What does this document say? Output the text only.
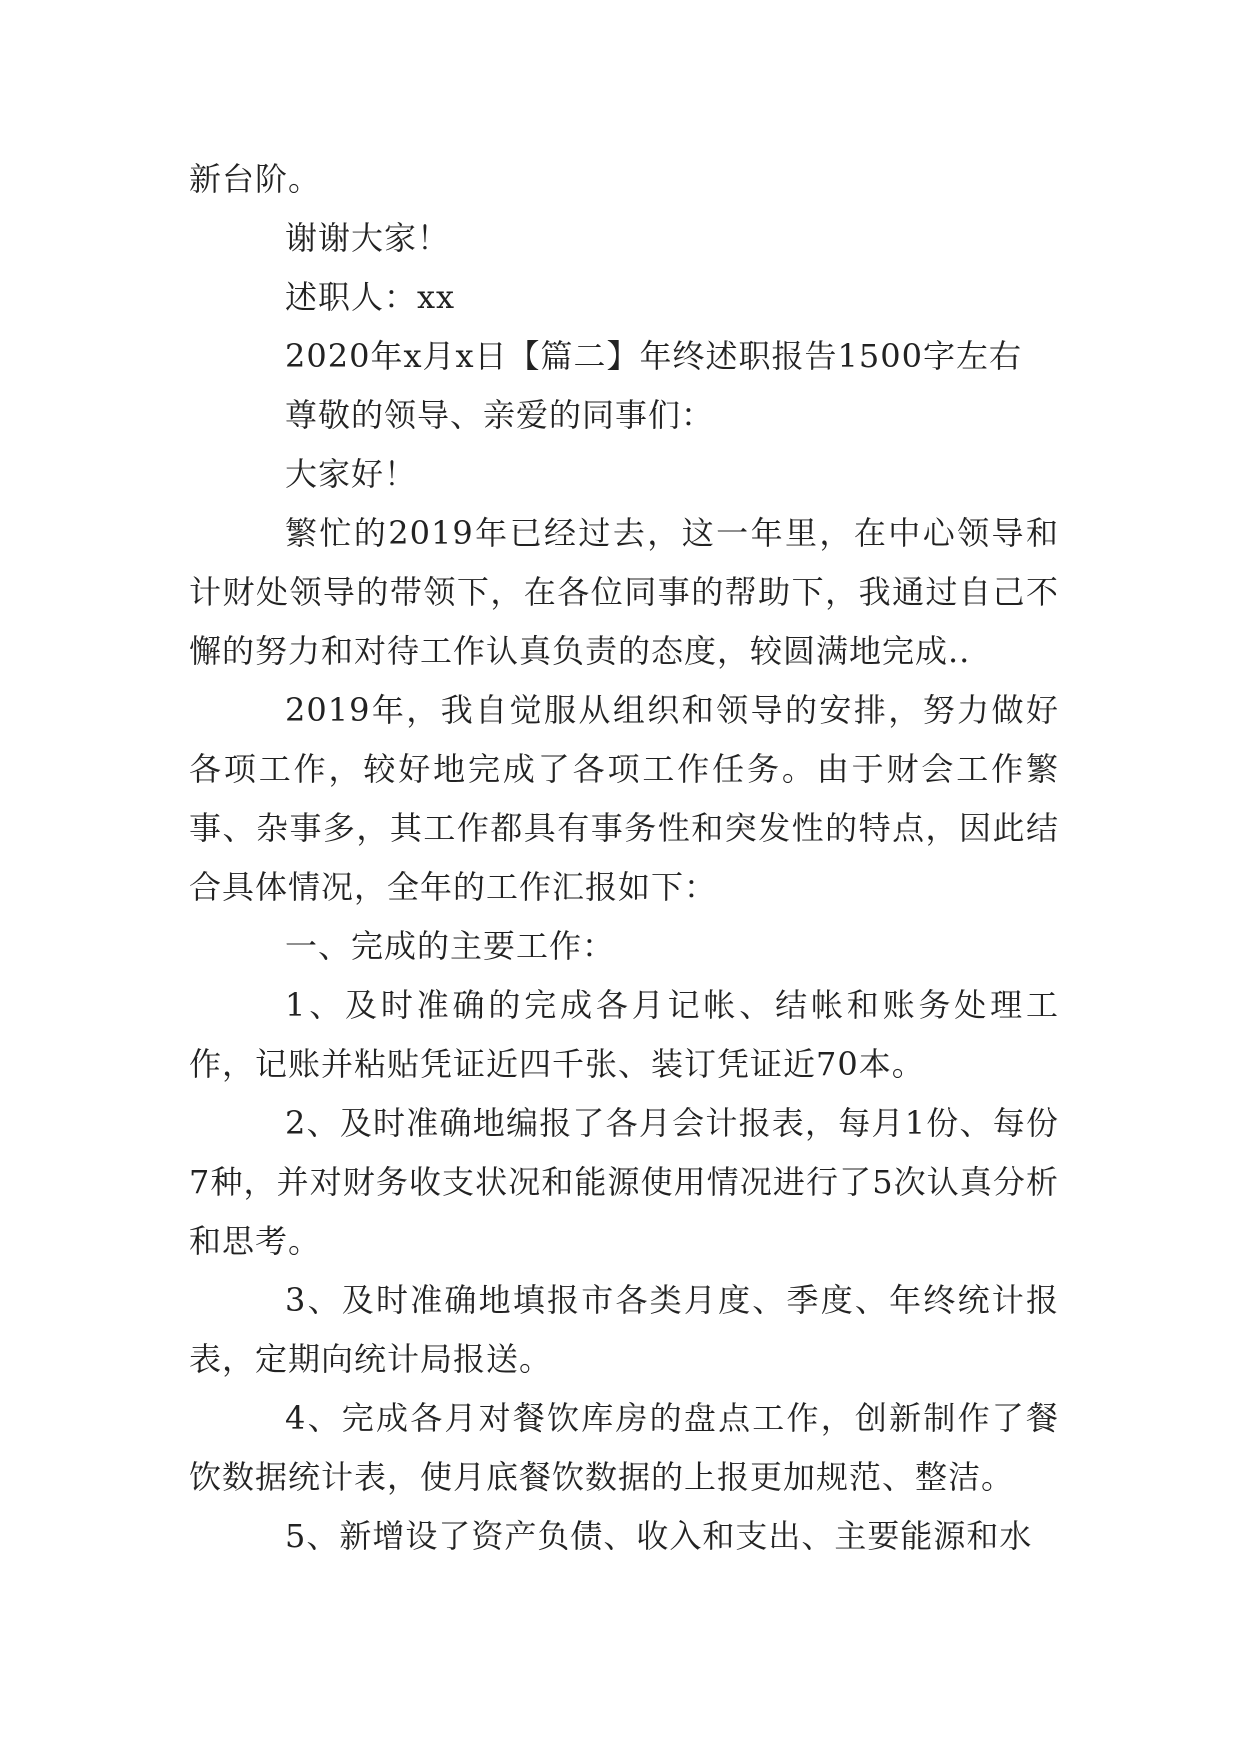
新台阶。

谢谢大家！

述职人：xx

2020年x月x日【篇二】年终述职报告1500字左右

尊敬的领导、亲爱的同事们：

大家好！

繁忙的2019年已经过去，这一年里，在中心领导和计财处领导的带领下，在各位同事的帮助下，我通过自己不懈的努力和对待工作认真负责的态度，较圆满地完成..

2019年，我自觉服从组织和领导的安排，努力做好各项工作，较好地完成了各项工作任务。由于财会工作繁事、杂事多，其工作都具有事务性和突发性的特点，因此结合具体情况，全年的工作汇报如下：

一、完成的主要工作：

1、及时准确的完成各月记帐、结帐和账务处理工作，记账并粘贴凭证近四千张、装订凭证近70本。

2、及时准确地编报了各月会计报表，每月1份、每份7种，并对财务收支状况和能源使用情况进行了5次认真分析和思考。

3、及时准确地填报市各类月度、季度、年终统计报表，定期向统计局报送。

4、完成各月对餐饮库房的盘点工作，创新制作了餐饮数据统计表，使月底餐饮数据的上报更加规范、整洁。

5、新增设了资产负债、收入和支出、主要能源和水
